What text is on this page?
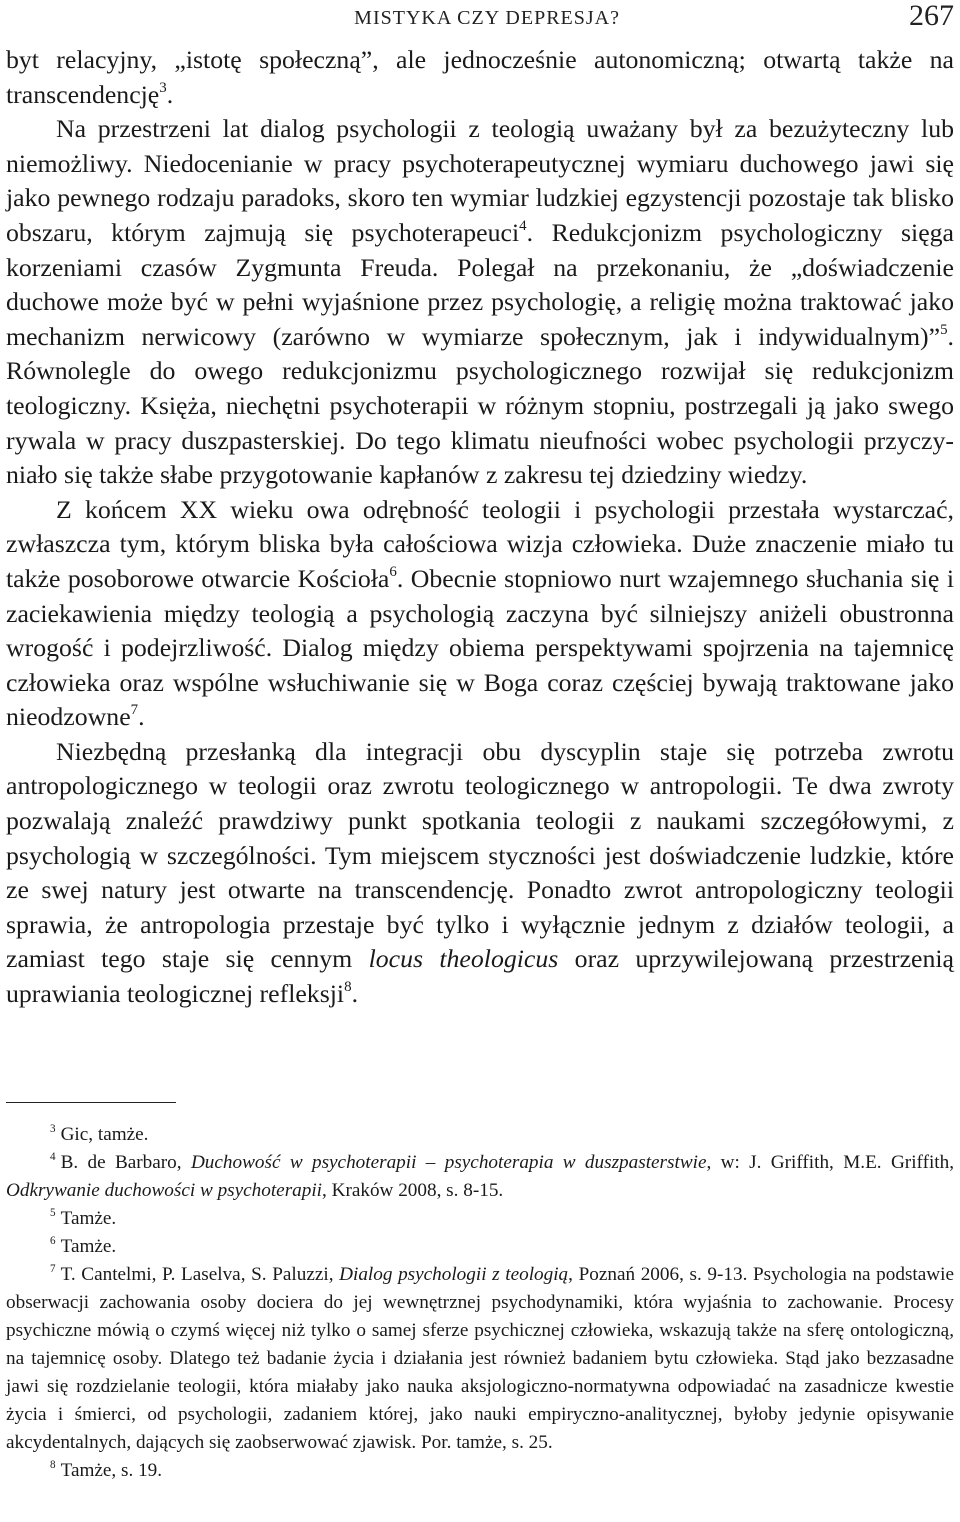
MISTYKA CZY DEPRESJA?	267

byt relacyjny, „istotę społeczną”, ale jednocześnie autonomiczną; otwartą także na transcendencję$^3$.

Na przestrzeni lat dialog psychologii z teologią uważany był za bezużyteczny lub niemożliwy. Niedocenianie w pracy psychoterapeutycznej wymiaru duchowego jawi się jako pewnego rodzaju paradoks, skoro ten wymiar ludzkiej egzystencji pozostaje tak blisko obszaru, którym zajmują się psychoterapeuci$^4$. Redukcjonizm psychologiczny sięga korzeniami czasów Zygmunta Freuda. Polegał na przekonaniu, że „doświadczenie duchowe może być w pełni wyjaśnione przez psychologię, a religię można traktować jako mechanizm nerwicowy (zarówno w wymiarze społecznym, jak i indywidualnym)”$^5$. Równolegle do owego redukcjonizmu psychologicznego rozwijał się redukcjonizm teologiczny. Księża, niechętni psychoterapii w różnym stopniu, postrzegali ją jako swego rywala w pracy duszpasterskiej. Do tego klimatu nieufności wobec psychologii przyczyniało się także słabe przygotowanie kapłanów z zakresu tej dziedziny wiedzy.

Z końcem XX wieku owa odrębność teologii i psychologii przestała wystarczać, zwłaszcza tym, którym bliska była całościowa wizja człowieka. Duże znaczenie miało tu także posoborowe otwarcie Kościoła$^6$. Obecnie stopniowo nurt wzajemnego słuchania się i zaciekawienia między teologią a psychologią zaczyna być silniejszy aniżeli obustronna wrogość i podejrzliwość. Dialog między obiema perspektywami spojrzenia na tajemnicę człowieka oraz wspólne wsłuchiwanie się w Boga coraz częściej bywają traktowane jako nieodzowne$^7$.

Niezbędną przesłanką dla integracji obu dyscyplin staje się potrzeba zwrotu antropologicznego w teologii oraz zwrotu teologicznego w antropologii. Te dwa zwroty pozwalają znaleźć prawdziwy punkt spotkania teologii z naukami szczegółowymi, z psychologią w szczególności. Tym miejscem styczności jest doświadczenie ludzkie, które ze swej natury jest otwarte na transcendencję. Ponadto zwrot antropologiczny teologii sprawia, że antropologia przestaje być tylko i wyłącznie jednym z działów teologii, a zamiast tego staje się cennym locus theologicus oraz uprzywilejowaną przestrzenią uprawiania teologicznej refleksji$^8$.

$^3$ Gic, tamże.

$^4$ B. de Barbaro, Duchowość w psychoterapii – psychoterapia w duszpasterstwie, w: J. Griffith, M.E. Griffith, Odkrywanie duchowości w psychoterapii, Kraków 2008, s. 8-15.

$^5$ Tamże.

$^6$ Tamże.

$^7$ T. Cantelmi, P. Laselva, S. Paluzzi, Dialog psychologii z teologią, Poznań 2006, s. 9-13. Psychologia na podstawie obserwacji zachowania osoby dociera do jej wewnętrznej psychodynamiki, która wyjaśnia to zachowanie. Procesy psychiczne mówią o czymś więcej niż tylko o samej sferze psychicznej człowieka, wskazują także na sferę ontologiczną, na tajemnicę osoby. Dlatego też badanie życia i działania jest również badaniem bytu człowieka. Stąd jako bezzasadne jawi się rozdzielanie teologii, która miałaby jako nauka aksjologiczno-normatywna odpowiadać na zasadnicze kwestie życia i śmierci, od psychologii, zadaniem której, jako nauki empiryczno-analitycznej, byłoby jedynie opisywanie akcydentalnych, dających się zaobserwować zjawisk. Por. tamże, s. 25.

$^8$ Tamże, s. 19.
